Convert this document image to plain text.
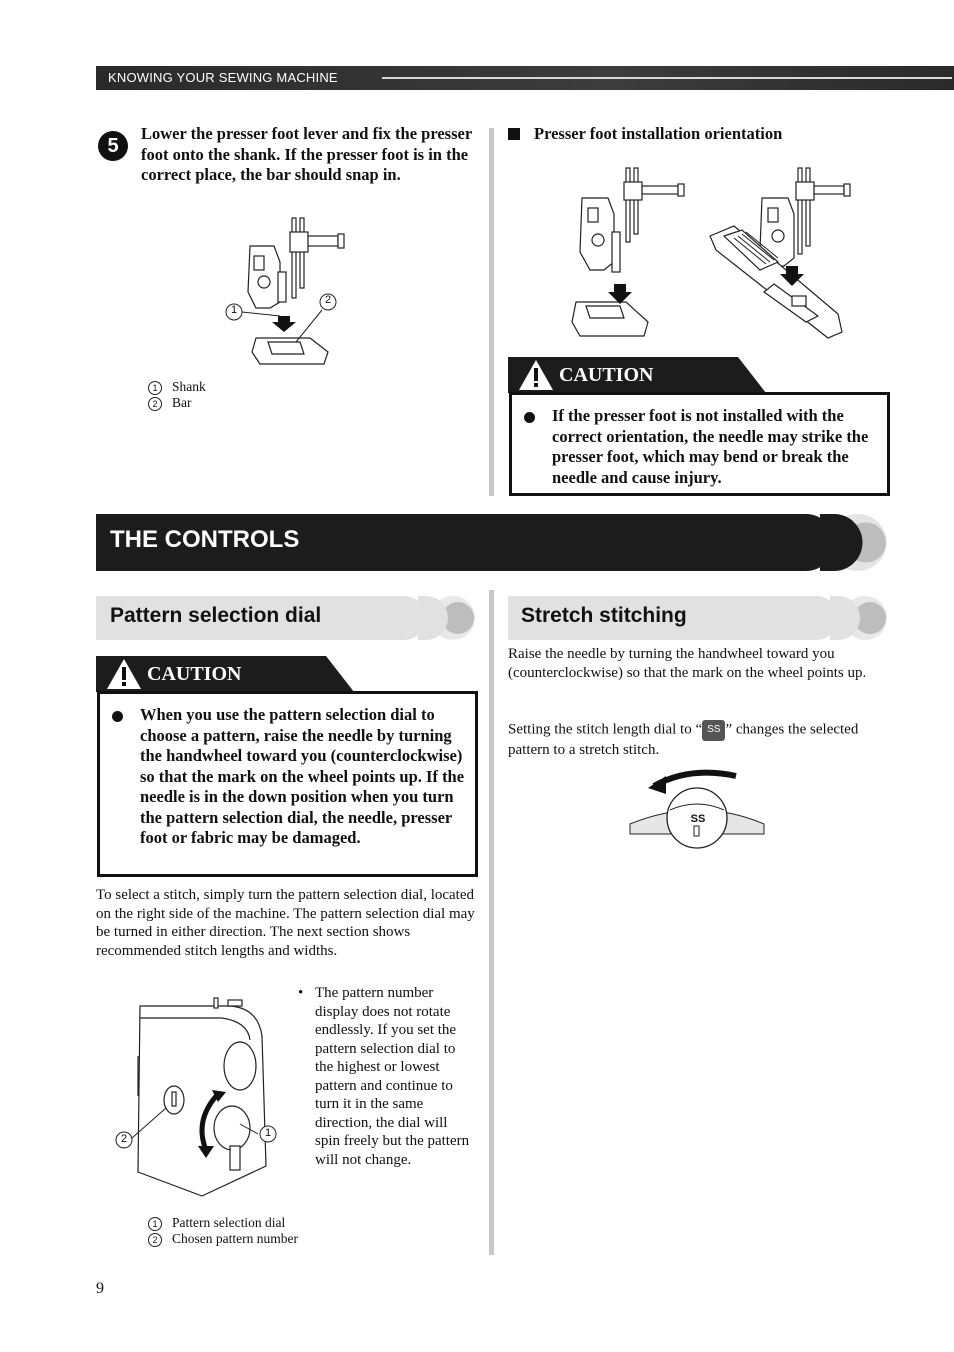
KNOWING YOUR SEWING MACHINE
5
Lower the presser foot lever and fix the presser foot onto the shank. If the presser foot is in the correct place, the bar should snap in.
1
2
1 Shank
2 Bar
Presser foot installation orientation
CAUTION
If the presser foot is not installed with the correct orientation, the needle may strike the presser foot, which may bend or break the needle and cause injury.
THE CONTROLS
Pattern selection dial
CAUTION
When you use the pattern selection dial to choose a pattern, raise the needle by turning the handwheel toward you (counterclockwise) so that the mark on the wheel points up. If the needle is in the down position when you turn the pattern selection dial, the needle, presser foot or fabric may be damaged.
To select a stitch, simply turn the pattern selection dial, located on the right side of the machine. The pattern selection dial may be turned in either direction. The next section shows recommended stitch lengths and widths.
1
2
• The pattern number display does not rotate endlessly. If you set the pattern selection dial to the highest or lowest pattern and continue to turn it in the same direction, the dial will spin freely but the pattern will not change.
1 Pattern selection dial
2 Chosen pattern number
Stretch stitching
Raise the needle by turning the handwheel toward you (counterclockwise) so that the mark on the wheel points up.
Setting the stitch length dial to “ SS ” changes the selected pattern to a stretch stitch.
SS
9
